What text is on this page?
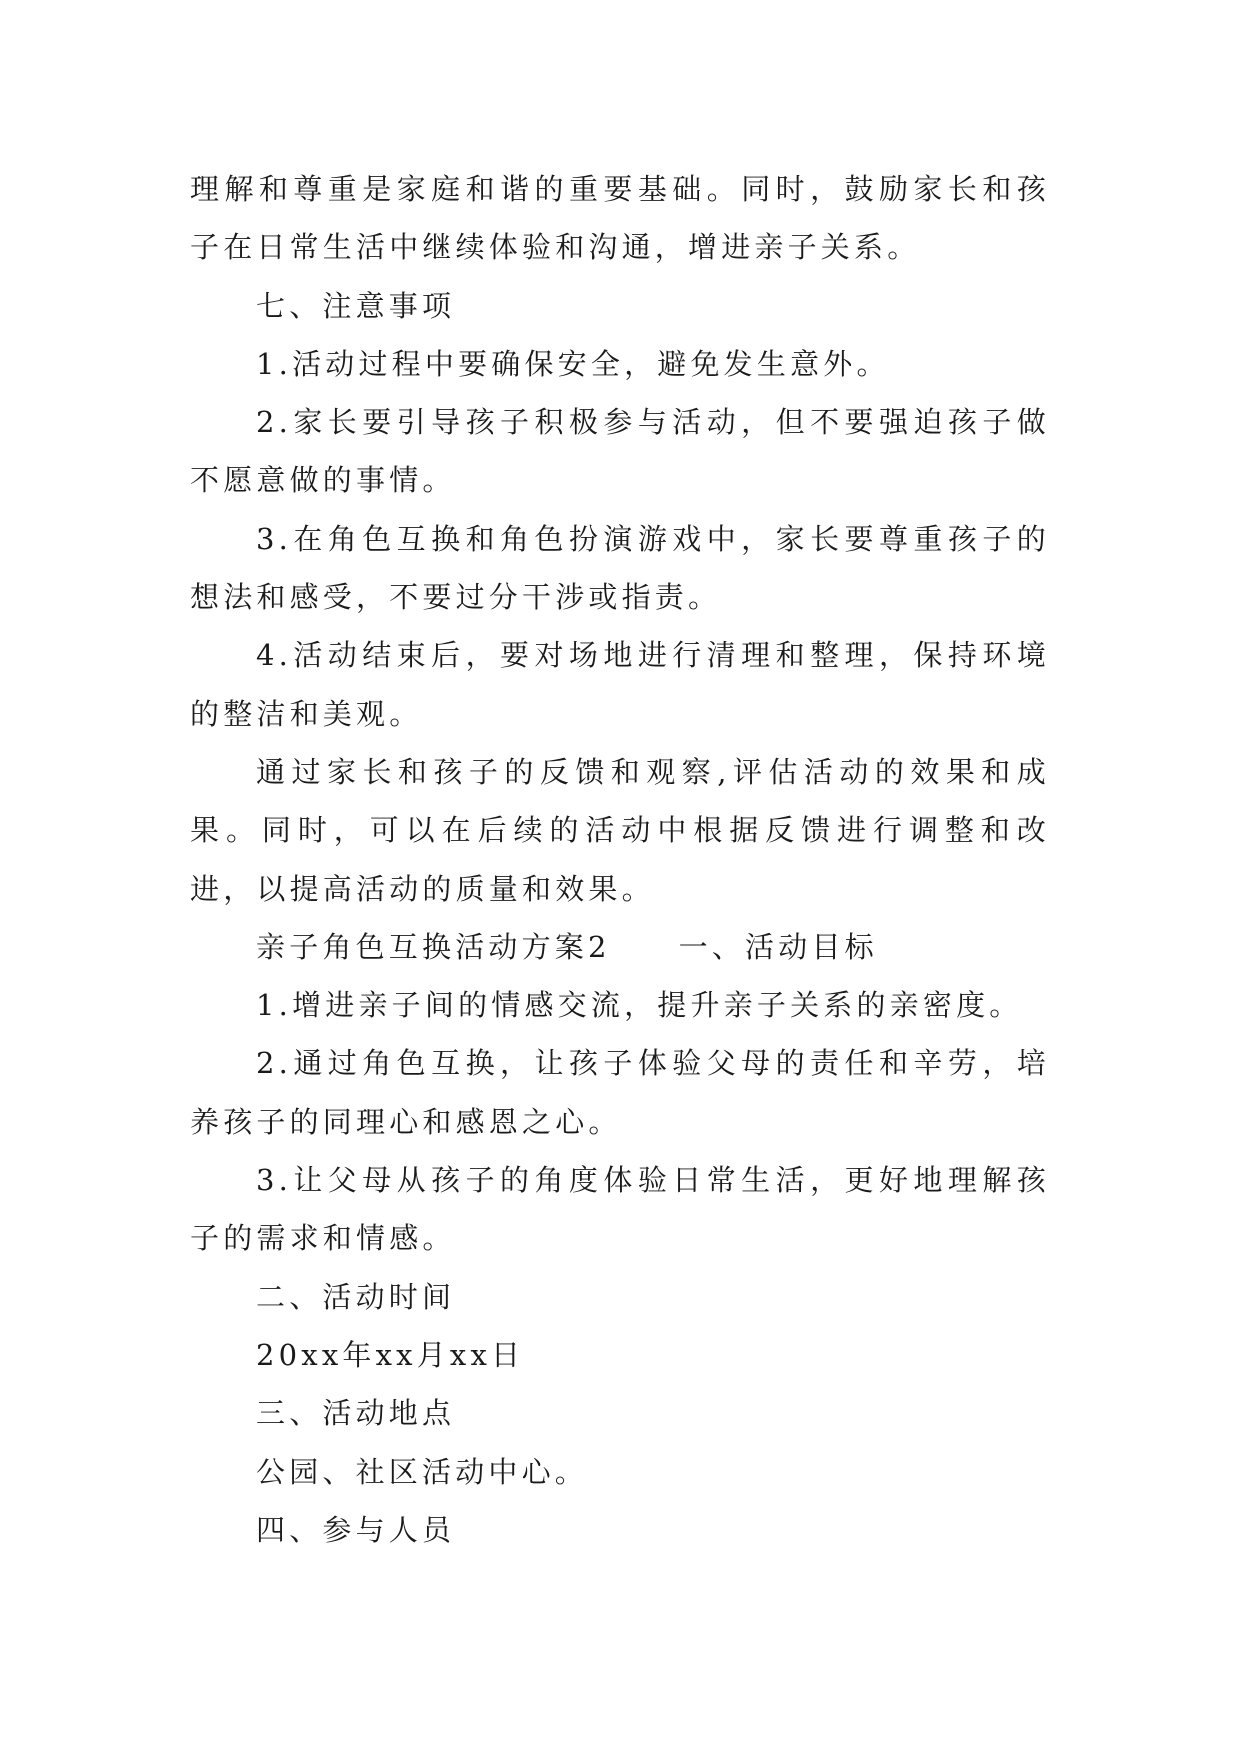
理解和尊重是家庭和谐的重要基础。同时，鼓励家长和孩子在日常生活中继续体验和沟通，增进亲子关系。

七、注意事项

1.活动过程中要确保安全，避免发生意外。

2.家长要引导孩子积极参与活动，但不要强迫孩子做不愿意做的事情。

3.在角色互换和角色扮演游戏中，家长要尊重孩子的想法和感受，不要过分干涉或指责。

4.活动结束后，要对场地进行清理和整理，保持环境的整洁和美观。

通过家长和孩子的反馈和观察,评估活动的效果和成果。同时，可以在后续的活动中根据反馈进行调整和改进，以提高活动的质量和效果。

亲子角色互换活动方案2 一、活动目标

1.增进亲子间的情感交流，提升亲子关系的亲密度。

2.通过角色互换，让孩子体验父母的责任和辛劳，培养孩子的同理心和感恩之心。

3.让父母从孩子的角度体验日常生活，更好地理解孩子的需求和情感。

二、活动时间

20xx年xx月xx日

三、活动地点

公园、社区活动中心。

四、参与人员
